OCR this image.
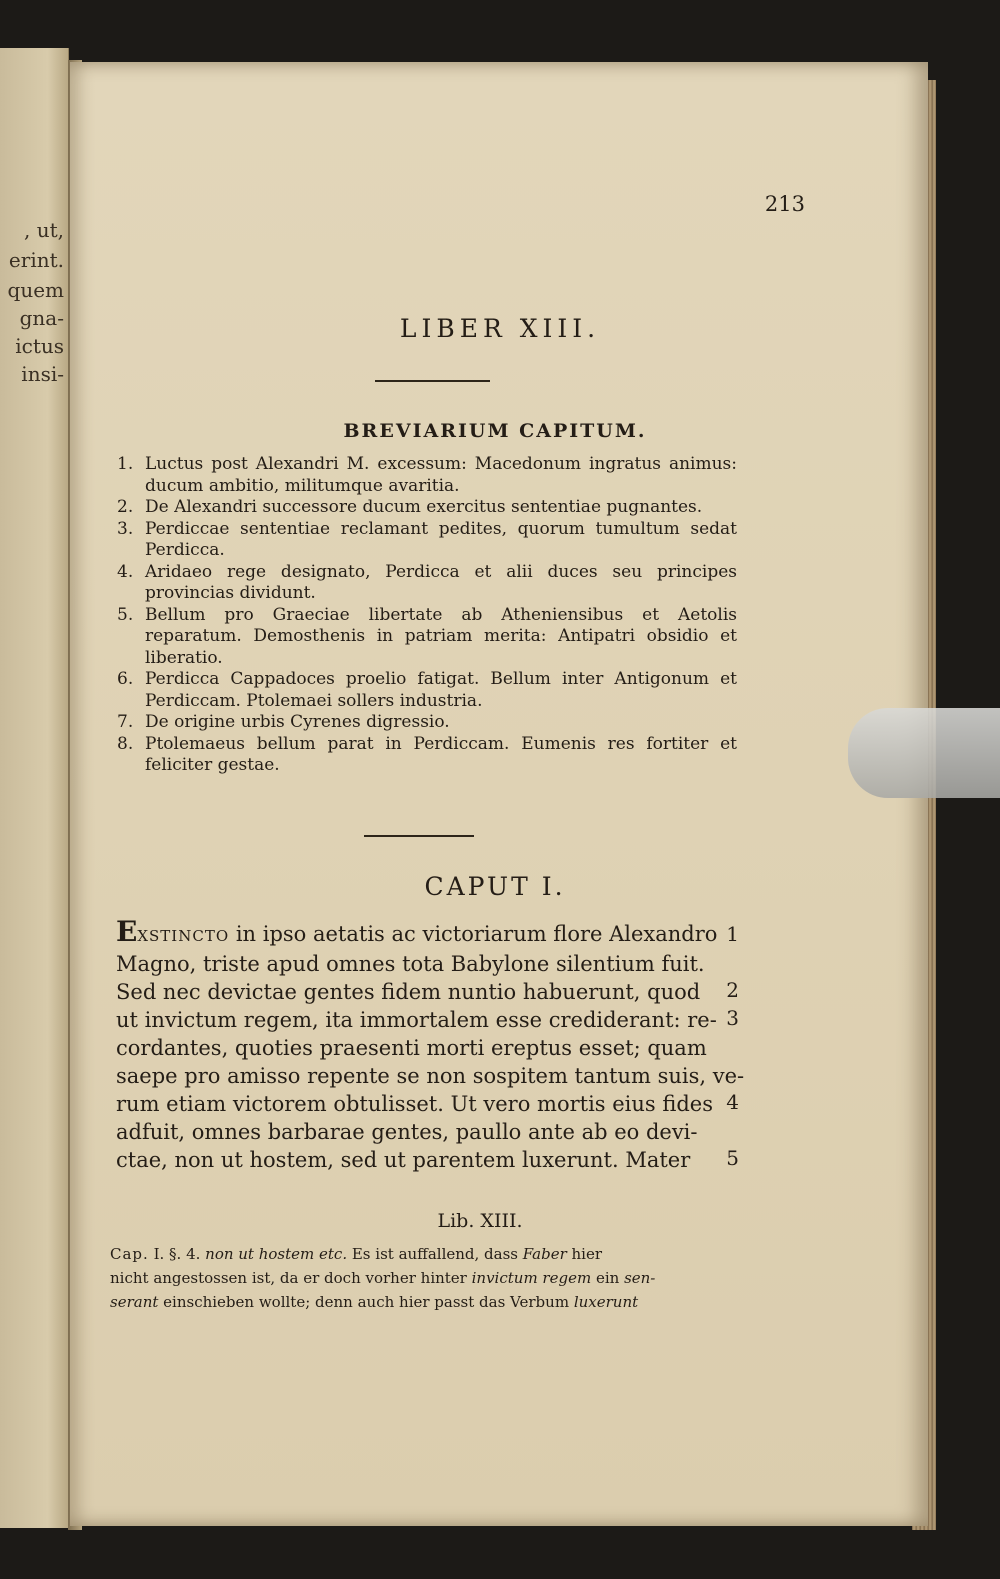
, ut,

erint.

quem

gna-

ictus

insi-

213

LIBER XIII.
BREVIARIUM CAPITUM.
1. Luctus post Alexandri M. excessum: Macedonum ingratus animus: ducum ambitio, militumque avaritia.
2. De Alexandri successore ducum exercitus sententiae pugnantes.
3. Perdiccae sententiae reclamant pedites, quorum tumultum sedat Perdicca.
4. Aridaeo rege designato, Perdicca et alii duces seu principes provincias dividunt.
5. Bellum pro Graeciae libertate ab Atheniensibus et Aetolis reparatum. Demosthenis in patriam merita: Antipatri obsidio et liberatio.
6. Perdicca Cappadoces proelio fatigat. Bellum inter Antigonum et Perdiccam. Ptolemaei sollers industria.
7. De origine urbis Cyrenes digressio.
8. Ptolemaeus bellum parat in Perdiccam. Eumenis res fortiter et feliciter gestae.
CAPUT I.
EXSTINCTO in ipso aetatis ac victoriarum flore Alexandro
Magno, triste apud omnes tota Babylone silentium fuit.
Sed nec devictae gentes fidem nuntio habuerunt, quod
ut invictum regem, ita immortalem esse crediderant: re-
cordantes, quoties praesenti morti ereptus esset; quam
saepe pro amisso repente se non sospitem tantum suis, ve-
rum etiam victorem obtulisset. Ut vero mortis eius fides
adfuit, omnes barbarae gentes, paullo ante ab eo devi-
ctae, non ut hostem, sed ut parentem luxerunt. Mater

1

2

3

4

5

Lib. XIII.

Cap. I. §. 4. non ut hostem etc. Es ist auffallend, dass Faber hier
nicht angestossen ist, da er doch vorher hinter invictum regem ein sen-
serant einschieben wollte; denn auch hier passt das Verbum luxerunt
